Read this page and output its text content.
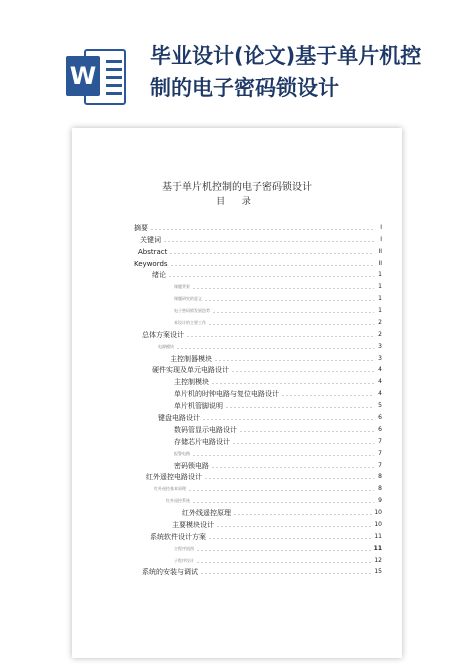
W
毕业设计(论文)基于单片机控制的电子密码锁设计
基于单片机控制的电子密码锁设计
目 录
摘要	I
关键词	I
Abstract	II
Keywords	II
绪论	1
课题背景	1
课题研究的意义	1
电子密码锁发展趋势	1
本设计的主要工作	2
总体方案设计	2
电源模块	3
主控制器模块	3
硬件实现及单元电路设计	4
主控制模块	4
单片机的时钟电路与复位电路设计	4
单片机管脚说明	5
键盘电路设计	6
数码管显示电路设计	6
存储芯片电路设计	7
报警电路	7
密码锁电路	7
红外遥控电路设计	8
红外遥控基本原理	8
红外遥控系统	9
红外线遥控原理	10
主要模块设计	10
系统软件设计方案	11
主程序流图	11
子程序设计	12
系统的安装与调试	15
